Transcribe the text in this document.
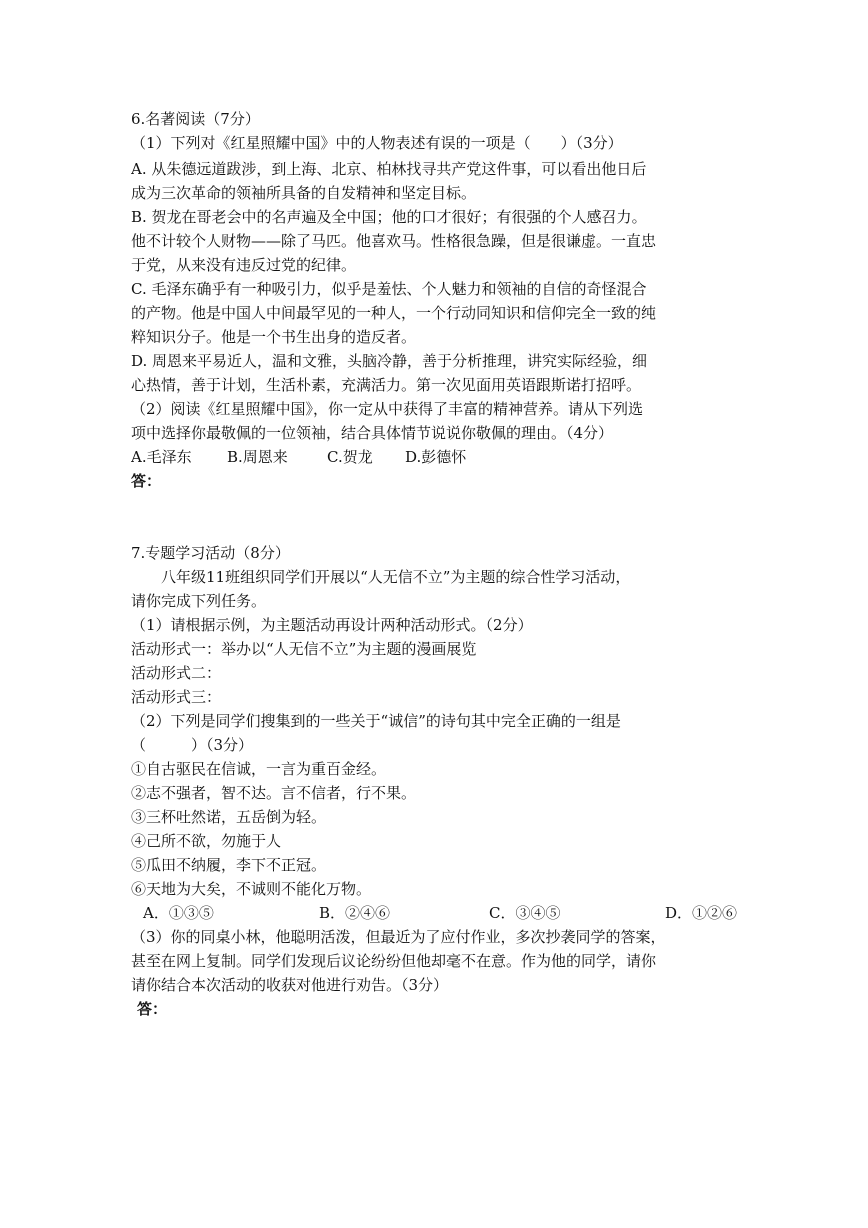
6.名著阅读（7分）
（1）下列对《红星照耀中国》中的人物表述有误的一项是（　　）（3分）
A. 从朱德远道跋涉，到上海、北京、柏林找寻共产党这件事，可以看出他日后
成为三次革命的领袖所具备的自发精神和坚定目标。
B. 贺龙在哥老会中的名声遍及全中国；他的口才很好；有很强的个人感召力。
他不计较个人财物——除了马匹。他喜欢马。性格很急躁，但是很谦虚。一直忠
于党，从来没有违反过党的纪律。
C. 毛泽东确乎有一种吸引力，似乎是羞怯、个人魅力和领袖的自信的奇怪混合
的产物。他是中国人中间最罕见的一种人，一个行动同知识和信仰完全一致的纯
粹知识分子。他是一个书生出身的造反者。
D. 周恩来平易近人，温和文雅，头脑冷静，善于分析推理，讲究实际经验，细
心热情，善于计划，生活朴素，充满活力。第一次见面用英语跟斯诺打招呼。
（2）阅读《红星照耀中国》，你一定从中获得了丰富的精神营养。请从下列选
项中选择你最敬佩的一位领袖，结合具体情节说说你敬佩的理由。（4分）
A.毛泽东 B.周恩来	C.贺龙 D.彭德怀
答：
7.专题学习活动（8分）
　　八年级11班组织同学们开展以“人无信不立”为主题的综合性学习活动，
请你完成下列任务。
（1）请根据示例，为主题活动再设计两种活动形式。（2分）
活动形式一：举办以“人无信不立”为主题的漫画展览
活动形式二：
活动形式三：
（2）下列是同学们搜集到的一些关于“诚信”的诗句其中完全正确的一组是
（　　　）（3分）
①自古驱民在信诚，一言为重百金经。
②志不强者，智不达。言不信者，行不果。
③三杯吐然诺，五岳倒为轻。
④己所不欲，勿施于人
⑤瓜田不纳履，李下不正冠。
⑥天地为大矣，不诚则不能化万物。
A．①③⑤	B．②④⑥	C．③④⑤	D．①②⑥
（3）你的同桌小林，他聪明活泼，但最近为了应付作业，多次抄袭同学的答案，
甚至在网上复制。同学们发现后议论纷纷但他却毫不在意。作为他的同学，请你
请你结合本次活动的收获对他进行劝告。（3分）
答：
